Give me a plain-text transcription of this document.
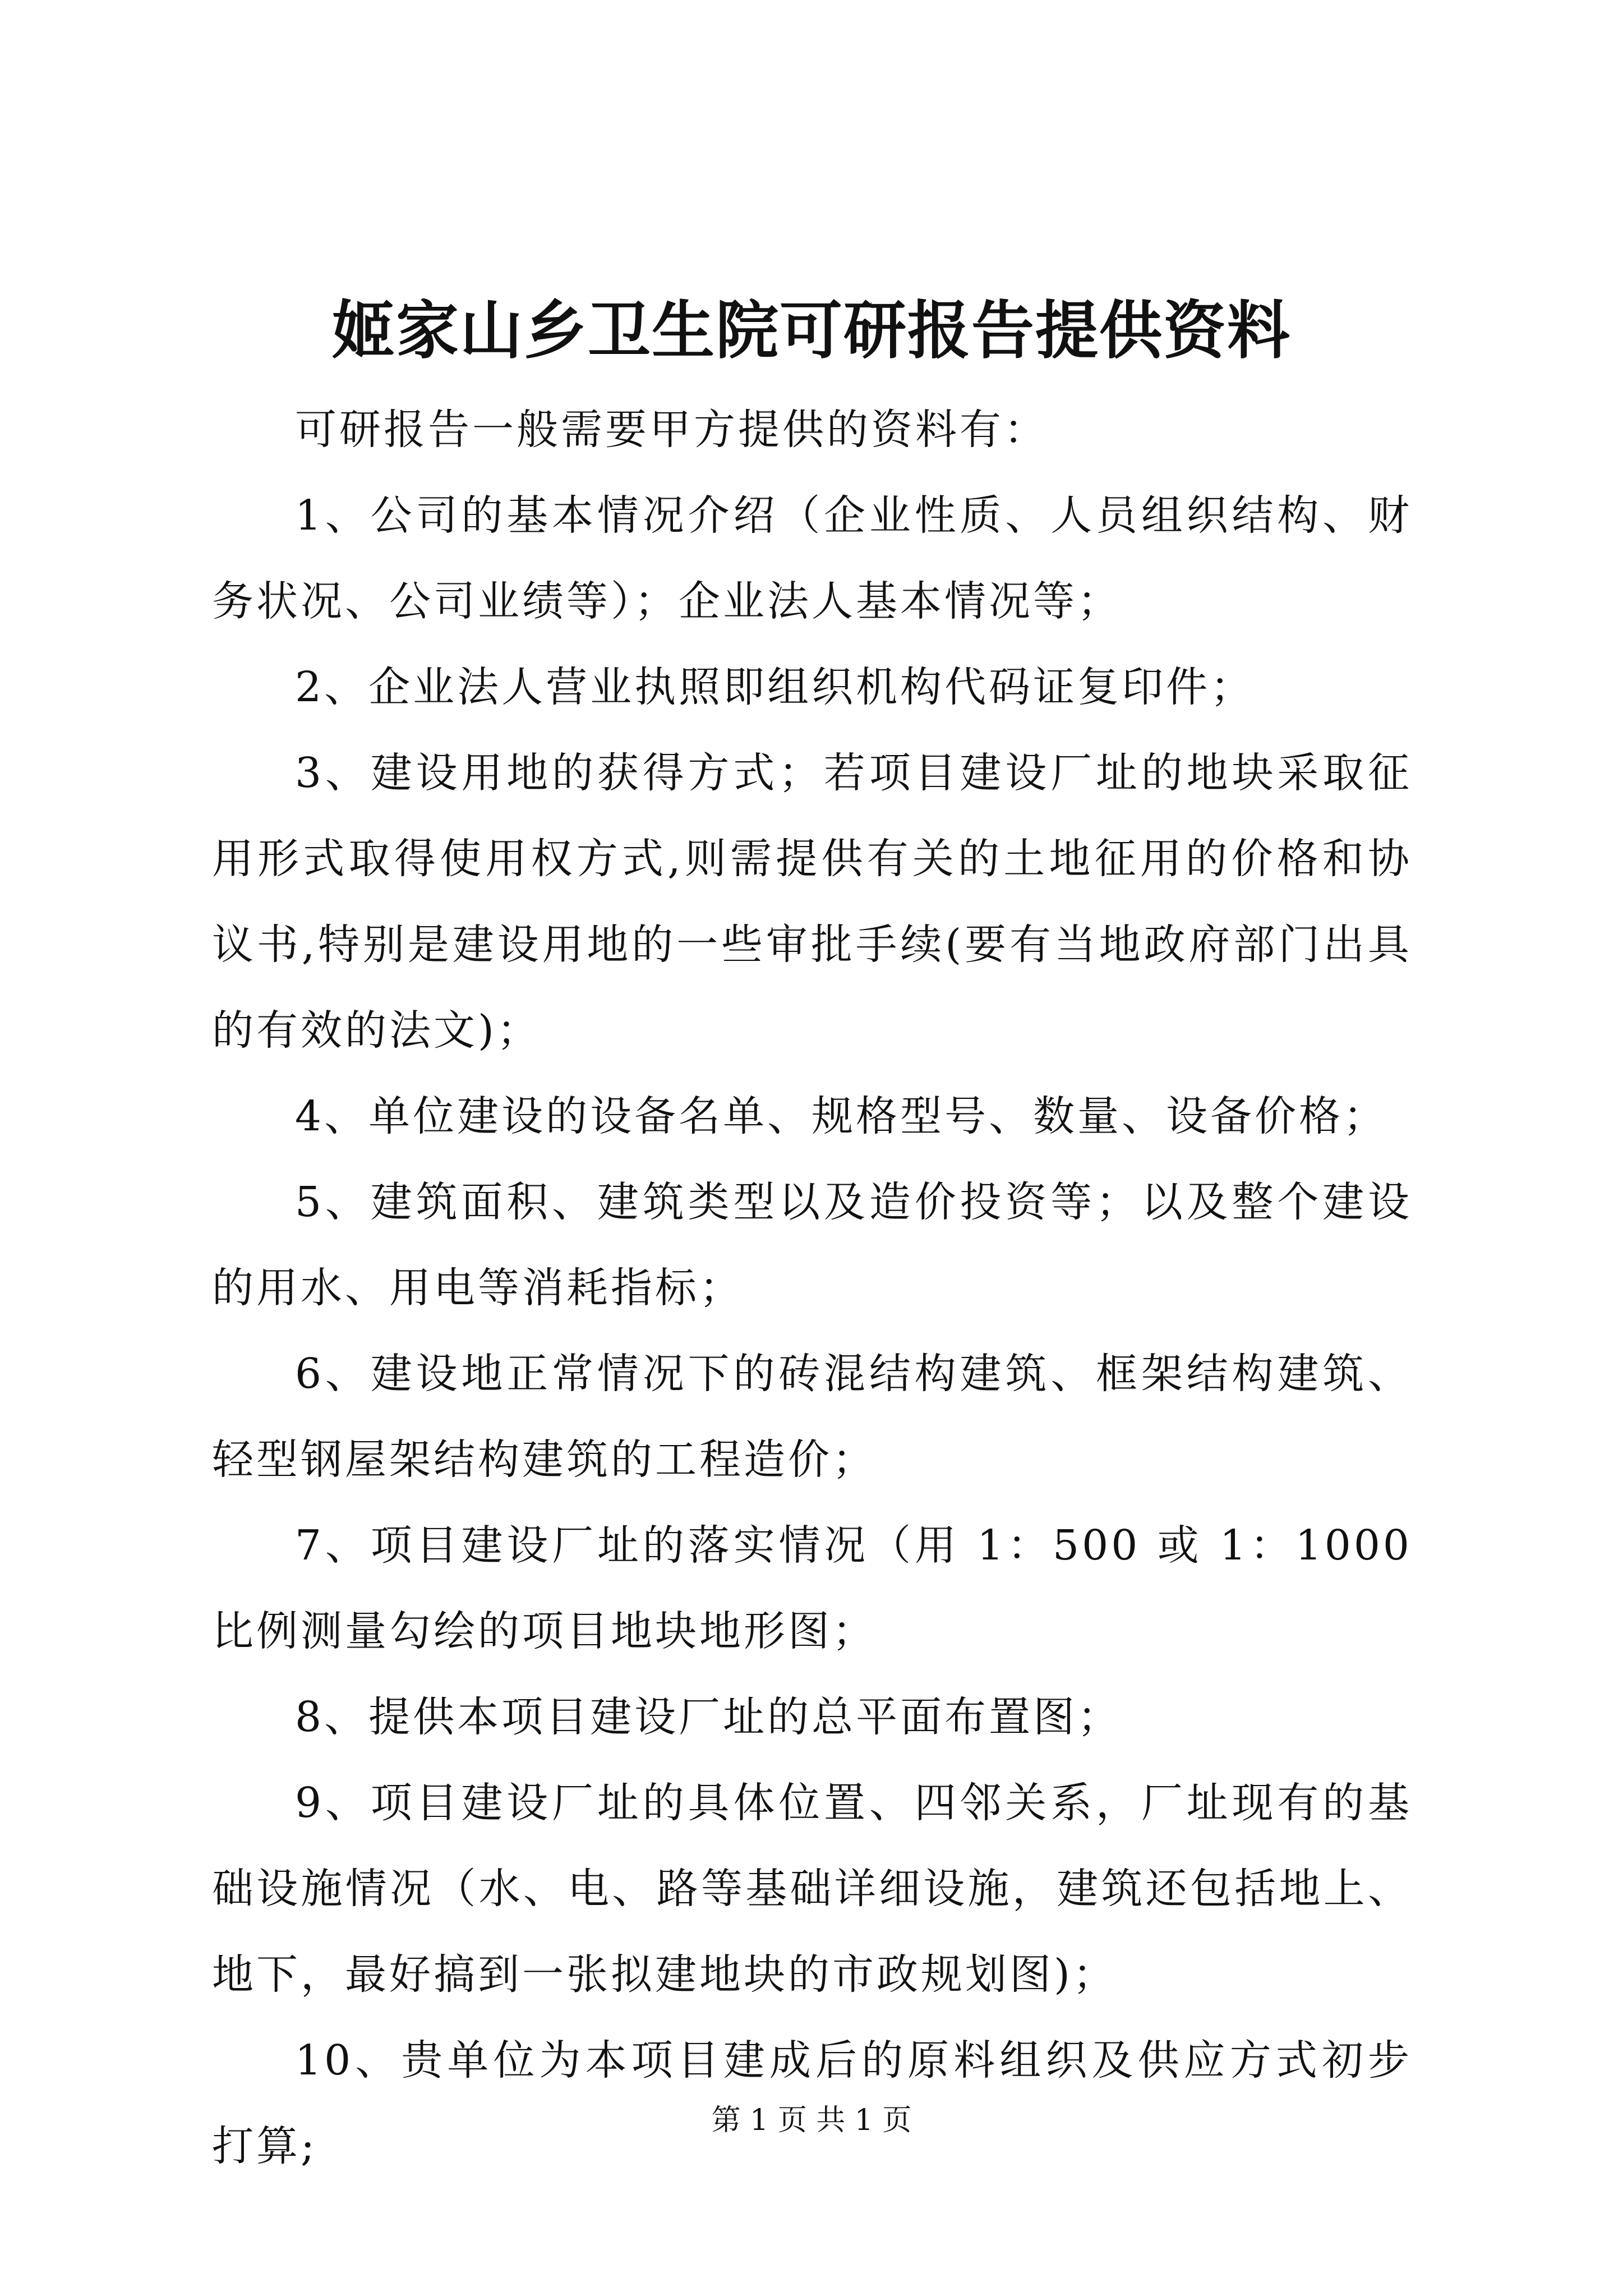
姬家山乡卫生院可研报告提供资料

可研报告一般需要甲方提供的资料有：

1、公司的基本情况介绍（企业性质、人员组织结构、财务状况、公司业绩等）；企业法人基本情况等；

2、企业法人营业执照即组织机构代码证复印件；

3、建设用地的获得方式；若项目建设厂址的地块采取征用形式取得使用权方式,则需提供有关的土地征用的价格和协议书,特别是建设用地的一些审批手续(要有当地政府部门出具的有效的法文)；

4、单位建设的设备名单、规格型号、数量、设备价格；

5、建筑面积、建筑类型以及造价投资等；以及整个建设的用水、用电等消耗指标；

6、建设地正常情况下的砖混结构建筑、框架结构建筑、轻型钢屋架结构建筑的工程造价；

7、项目建设厂址的落实情况（用 1：500 或 1：1000 比例测量勾绘的项目地块地形图；

8、提供本项目建设厂址的总平面布置图；

9、项目建设厂址的具体位置、四邻关系，厂址现有的基础设施情况（水、电、路等基础详细设施，建筑还包括地上、地下，最好搞到一张拟建地块的市政规划图)；

10、贵单位为本项目建成后的原料组织及供应方式初步打算;

第 1 页 共 1 页
